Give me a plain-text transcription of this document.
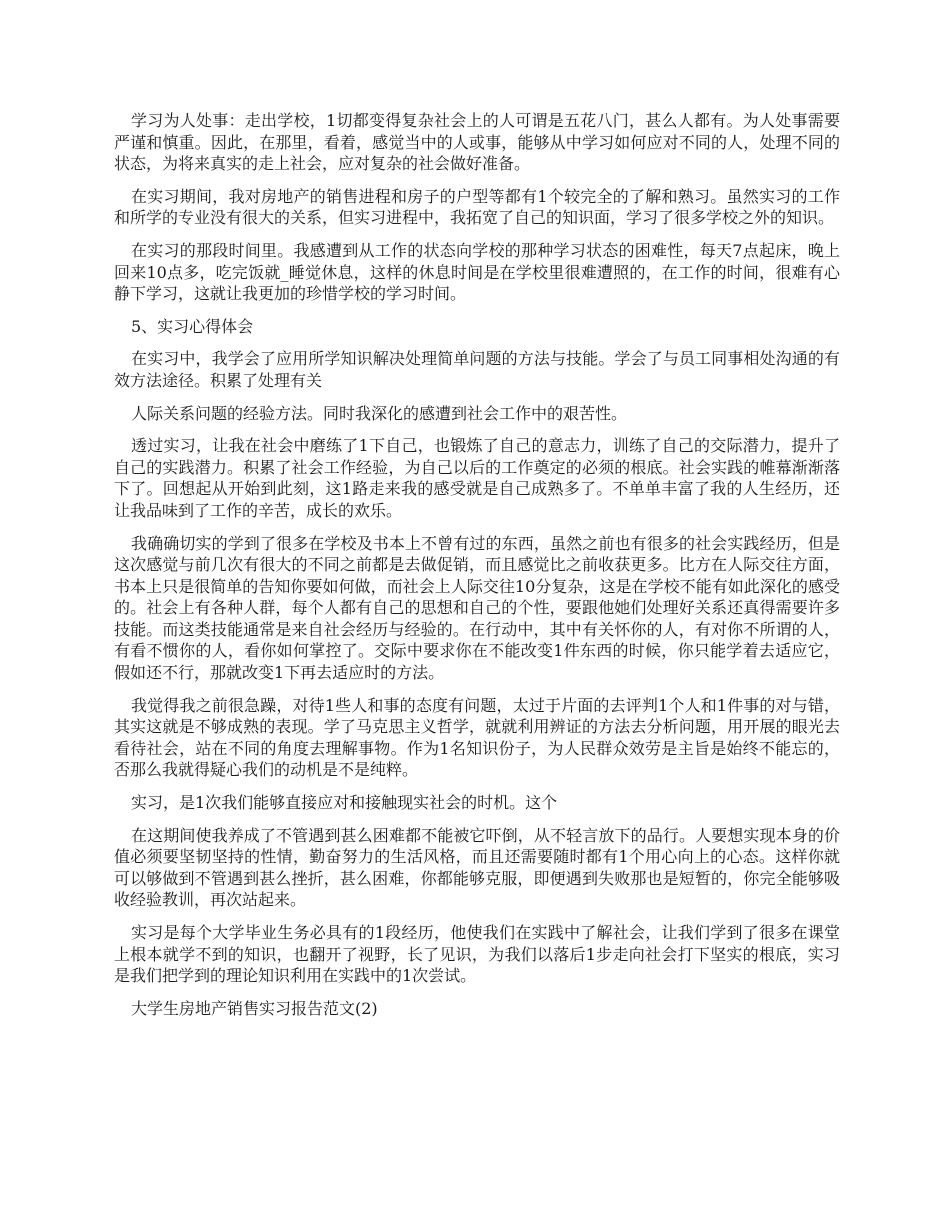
学习为人处事：走出学校，1切都变得复杂社会上的人可谓是五花八门，甚么人都有。为人处事需要严谨和慎重。因此，在那里，看着，感觉当中的人或事，能够从中学习如何应对不同的人，处理不同的状态，为将来真实的走上社会，应对复杂的社会做好准备。

在实习期间，我对房地产的销售进程和房子的户型等都有1个较完全的了解和熟习。虽然实习的工作和所学的专业没有很大的关系，但实习进程中，我拓宽了自己的知识面，学习了很多学校之外的知识。

在实习的那段时间里。我感遭到从工作的状态向学校的那种学习状态的困难性，每天7点起床，晚上回来10点多，吃完饭就_睡觉休息，这样的休息时间是在学校里很难遭照的，在工作的时间，很难有心静下学习，这就让我更加的珍惜学校的学习时间。

5、实习心得体会

在实习中，我学会了应用所学知识解决处理简单问题的方法与技能。学会了与员工同事相处沟通的有效方法途径。积累了处理有关

人际关系问题的经验方法。同时我深化的感遭到社会工作中的艰苦性。

透过实习，让我在社会中磨练了1下自己，也锻炼了自己的意志力，训练了自己的交际潜力，提升了自己的实践潜力。积累了社会工作经验，为自己以后的工作奠定的必须的根底。社会实践的帷幕渐渐落下了。回想起从开始到此刻，这1路走来我的感受就是自己成熟多了。不单单丰富了我的人生经历，还让我品味到了工作的辛苦，成长的欢乐。

我确确切实的学到了很多在学校及书本上不曾有过的东西，虽然之前也有很多的社会实践经历，但是这次感觉与前几次有很大的不同之前都是去做促销，而且感觉比之前收获更多。比方在人际交往方面，书本上只是很简单的告知你要如何做，而社会上人际交往10分复杂，这是在学校不能有如此深化的感受的。社会上有各种人群，每个人都有自己的思想和自己的个性，要跟他她们处理好关系还真得需要许多技能。而这类技能通常是来自社会经历与经验的。在行动中，其中有关怀你的人，有对你不所谓的人，有看不惯你的人，看你如何掌控了。交际中要求你在不能改变1件东西的时候，你只能学着去适应它，假如还不行，那就改变1下再去适应时的方法。

我觉得我之前很急躁，对待1些人和事的态度有问题，太过于片面的去评判1个人和1件事的对与错，其实这就是不够成熟的表现。学了马克思主义哲学，就就利用辨证的方法去分析问题，用开展的眼光去看待社会，站在不同的角度去理解事物。作为1名知识份子，为人民群众效劳是主旨是始终不能忘的，否那么我就得疑心我们的动机是不是纯粹。

实习，是1次我们能够直接应对和接触现实社会的时机。这个

在这期间使我养成了不管遇到甚么困难都不能被它吓倒，从不轻言放下的品行。人要想实现本身的价值必须要坚韧坚持的性情，勤奋努力的生活风格，而且还需要随时都有1个用心向上的心态。这样你就可以够做到不管遇到甚么挫折，甚么困难，你都能够克服，即便遇到失败那也是短暂的，你完全能够吸收经验教训，再次站起来。

实习是每个大学毕业生务必具有的1段经历，他使我们在实践中了解社会，让我们学到了很多在课堂上根本就学不到的知识，也翻开了视野，长了见识，为我们以落后1步走向社会打下坚实的根底，实习是我们把学到的理论知识利用在实践中的1次尝试。

大学生房地产销售实习报告范文(2)
